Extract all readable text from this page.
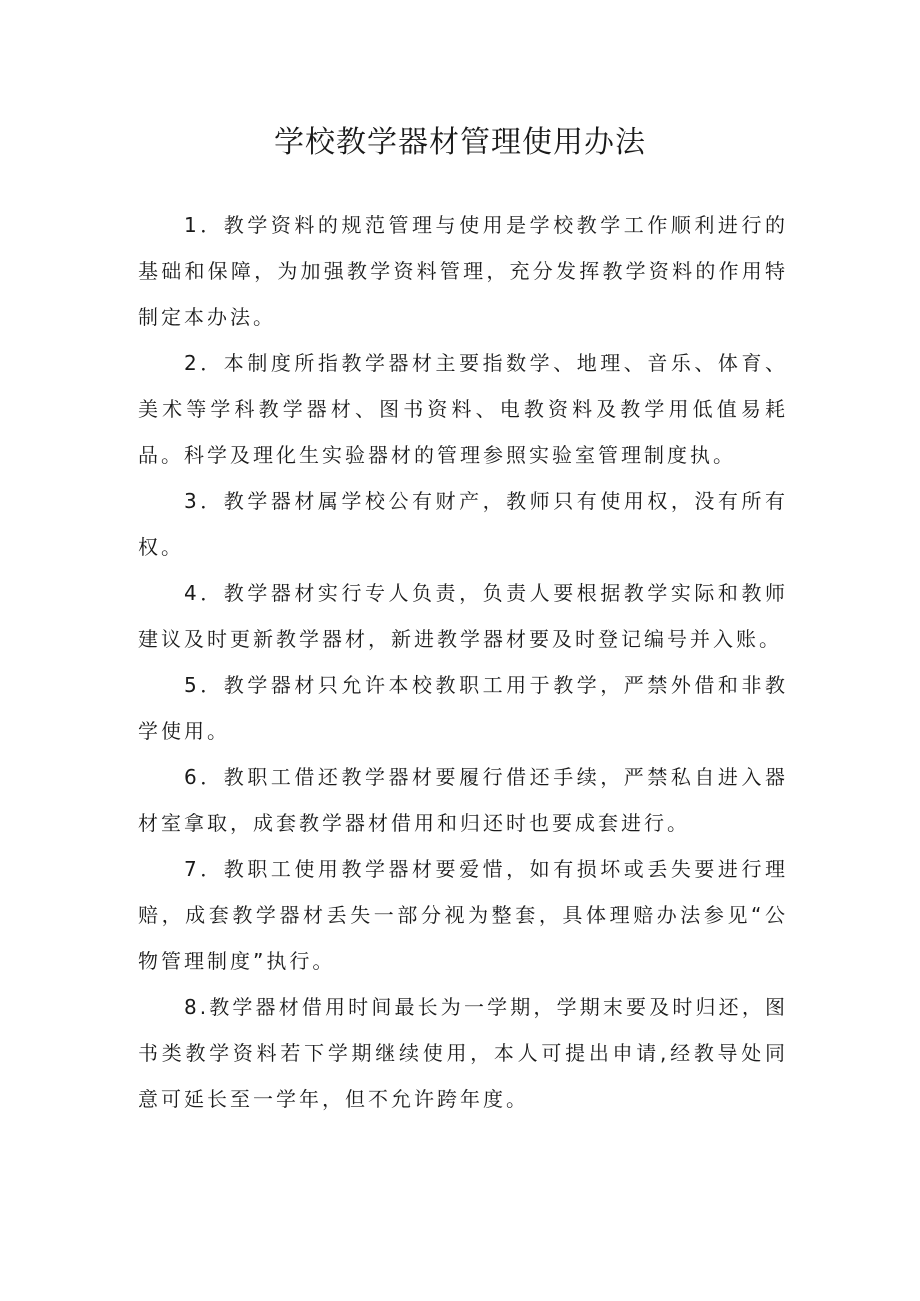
学校教学器材管理使用办法

1．教学资料的规范管理与使用是学校教学工作顺利进行的基础和保障，为加强教学资料管理，充分发挥教学资料的作用特制定本办法。

2．本制度所指教学器材主要指数学、地理、音乐、体育、美术等学科教学器材、图书资料、电教资料及教学用低值易耗品。科学及理化生实验器材的管理参照实验室管理制度执。

3．教学器材属学校公有财产，教师只有使用权，没有所有权。

4．教学器材实行专人负责，负责人要根据教学实际和教师建议及时更新教学器材，新进教学器材要及时登记编号并入账。

5．教学器材只允许本校教职工用于教学，严禁外借和非教学使用。

6．教职工借还教学器材要履行借还手续，严禁私自进入器材室拿取，成套教学器材借用和归还时也要成套进行。

7．教职工使用教学器材要爱惜，如有损坏或丢失要进行理赔，成套教学器材丢失一部分视为整套，具体理赔办法参见“公物管理制度”执行。

8.教学器材借用时间最长为一学期，学期末要及时归还，图书类教学资料若下学期继续使用，本人可提出申请,经教导处同意可延长至一学年，但不允许跨年度。
